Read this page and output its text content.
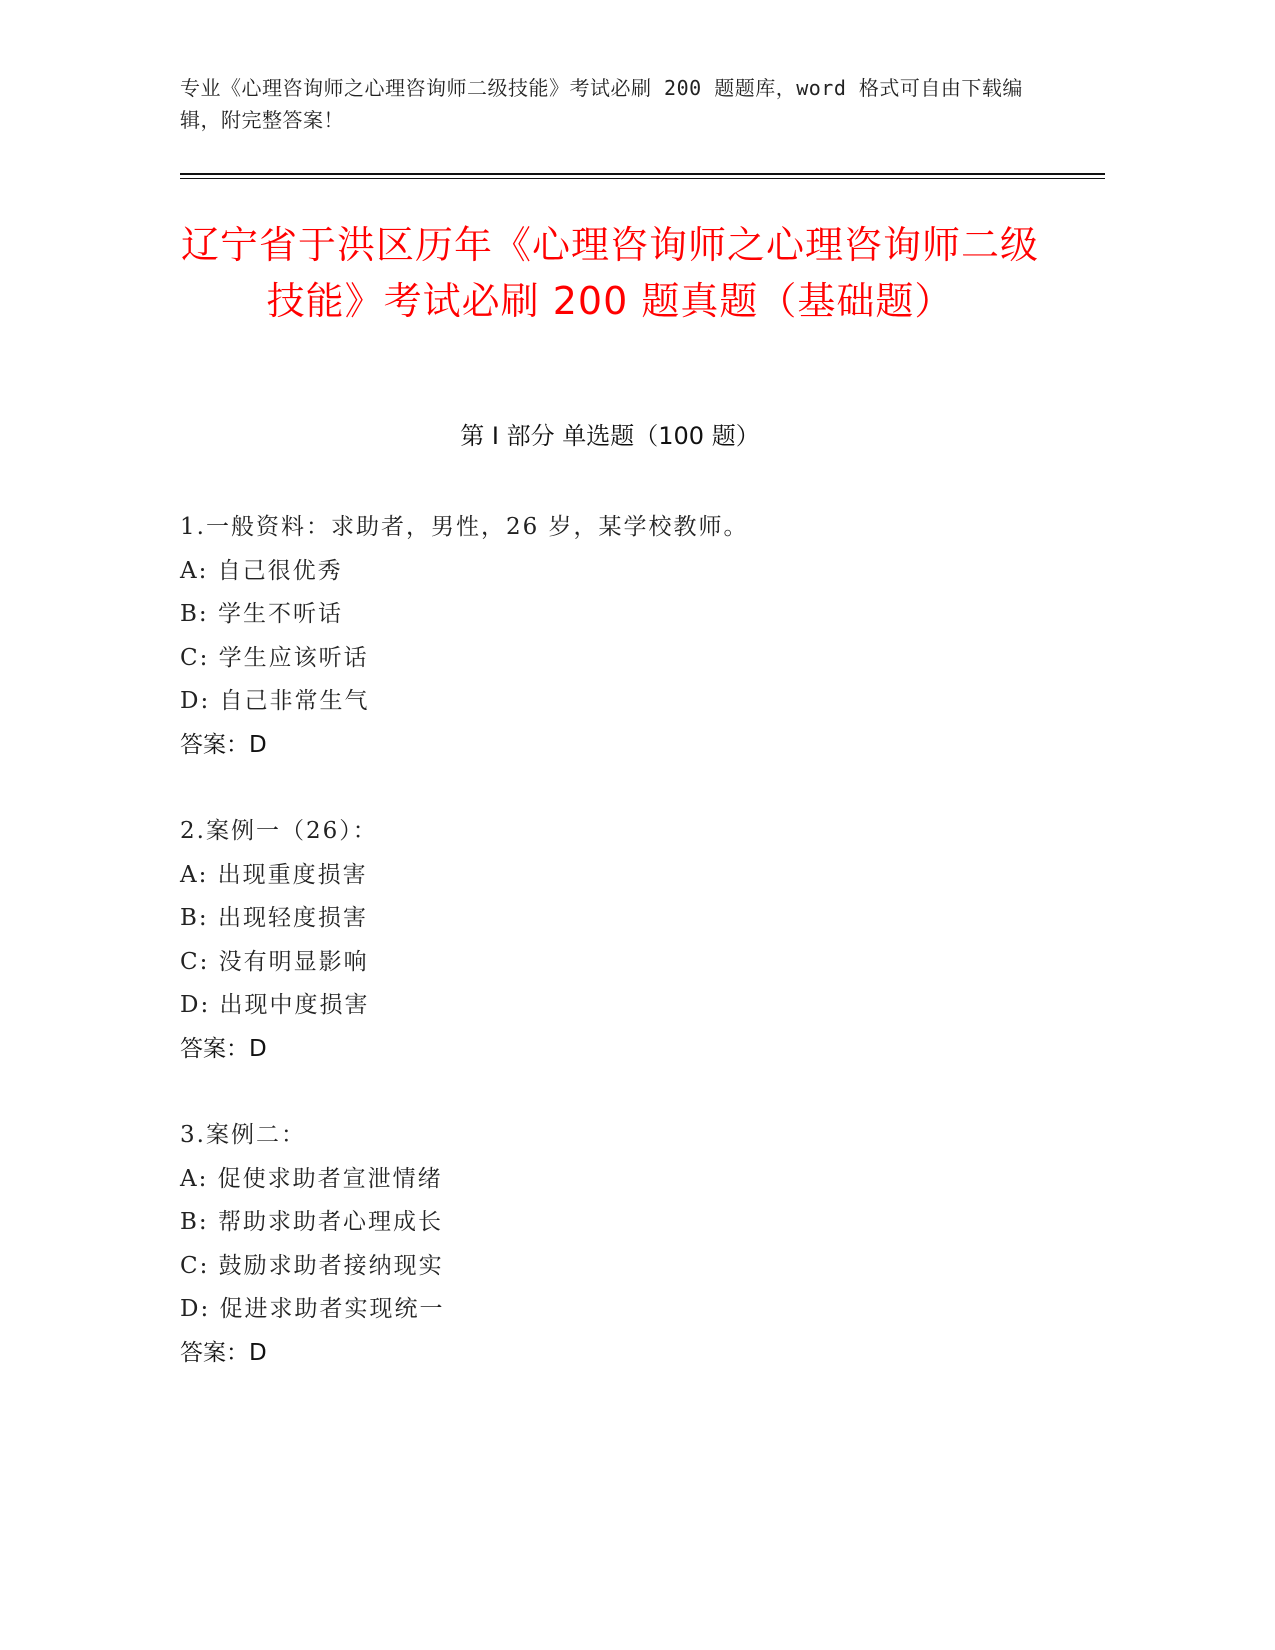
专业《心理咨询师之心理咨询师二级技能》考试必刷 200 题题库，word 格式可自由下载编辑，附完整答案！
辽宁省于洪区历年《心理咨询师之心理咨询师二级技能》考试必刷 200 题真题（基础题）
第 I 部分 单选题（100 题）
1.一般资料：求助者，男性，26 岁，某学校教师。
A: 自己很优秀
B: 学生不听话
C: 学生应该听话
D: 自己非常生气
答案：D
2.案例一（26）：
A: 出现重度损害
B: 出现轻度损害
C: 没有明显影响
D: 出现中度损害
答案：D
3.案例二：
A: 促使求助者宣泄情绪
B: 帮助求助者心理成长
C: 鼓励求助者接纳现实
D: 促进求助者实现统一
答案：D
